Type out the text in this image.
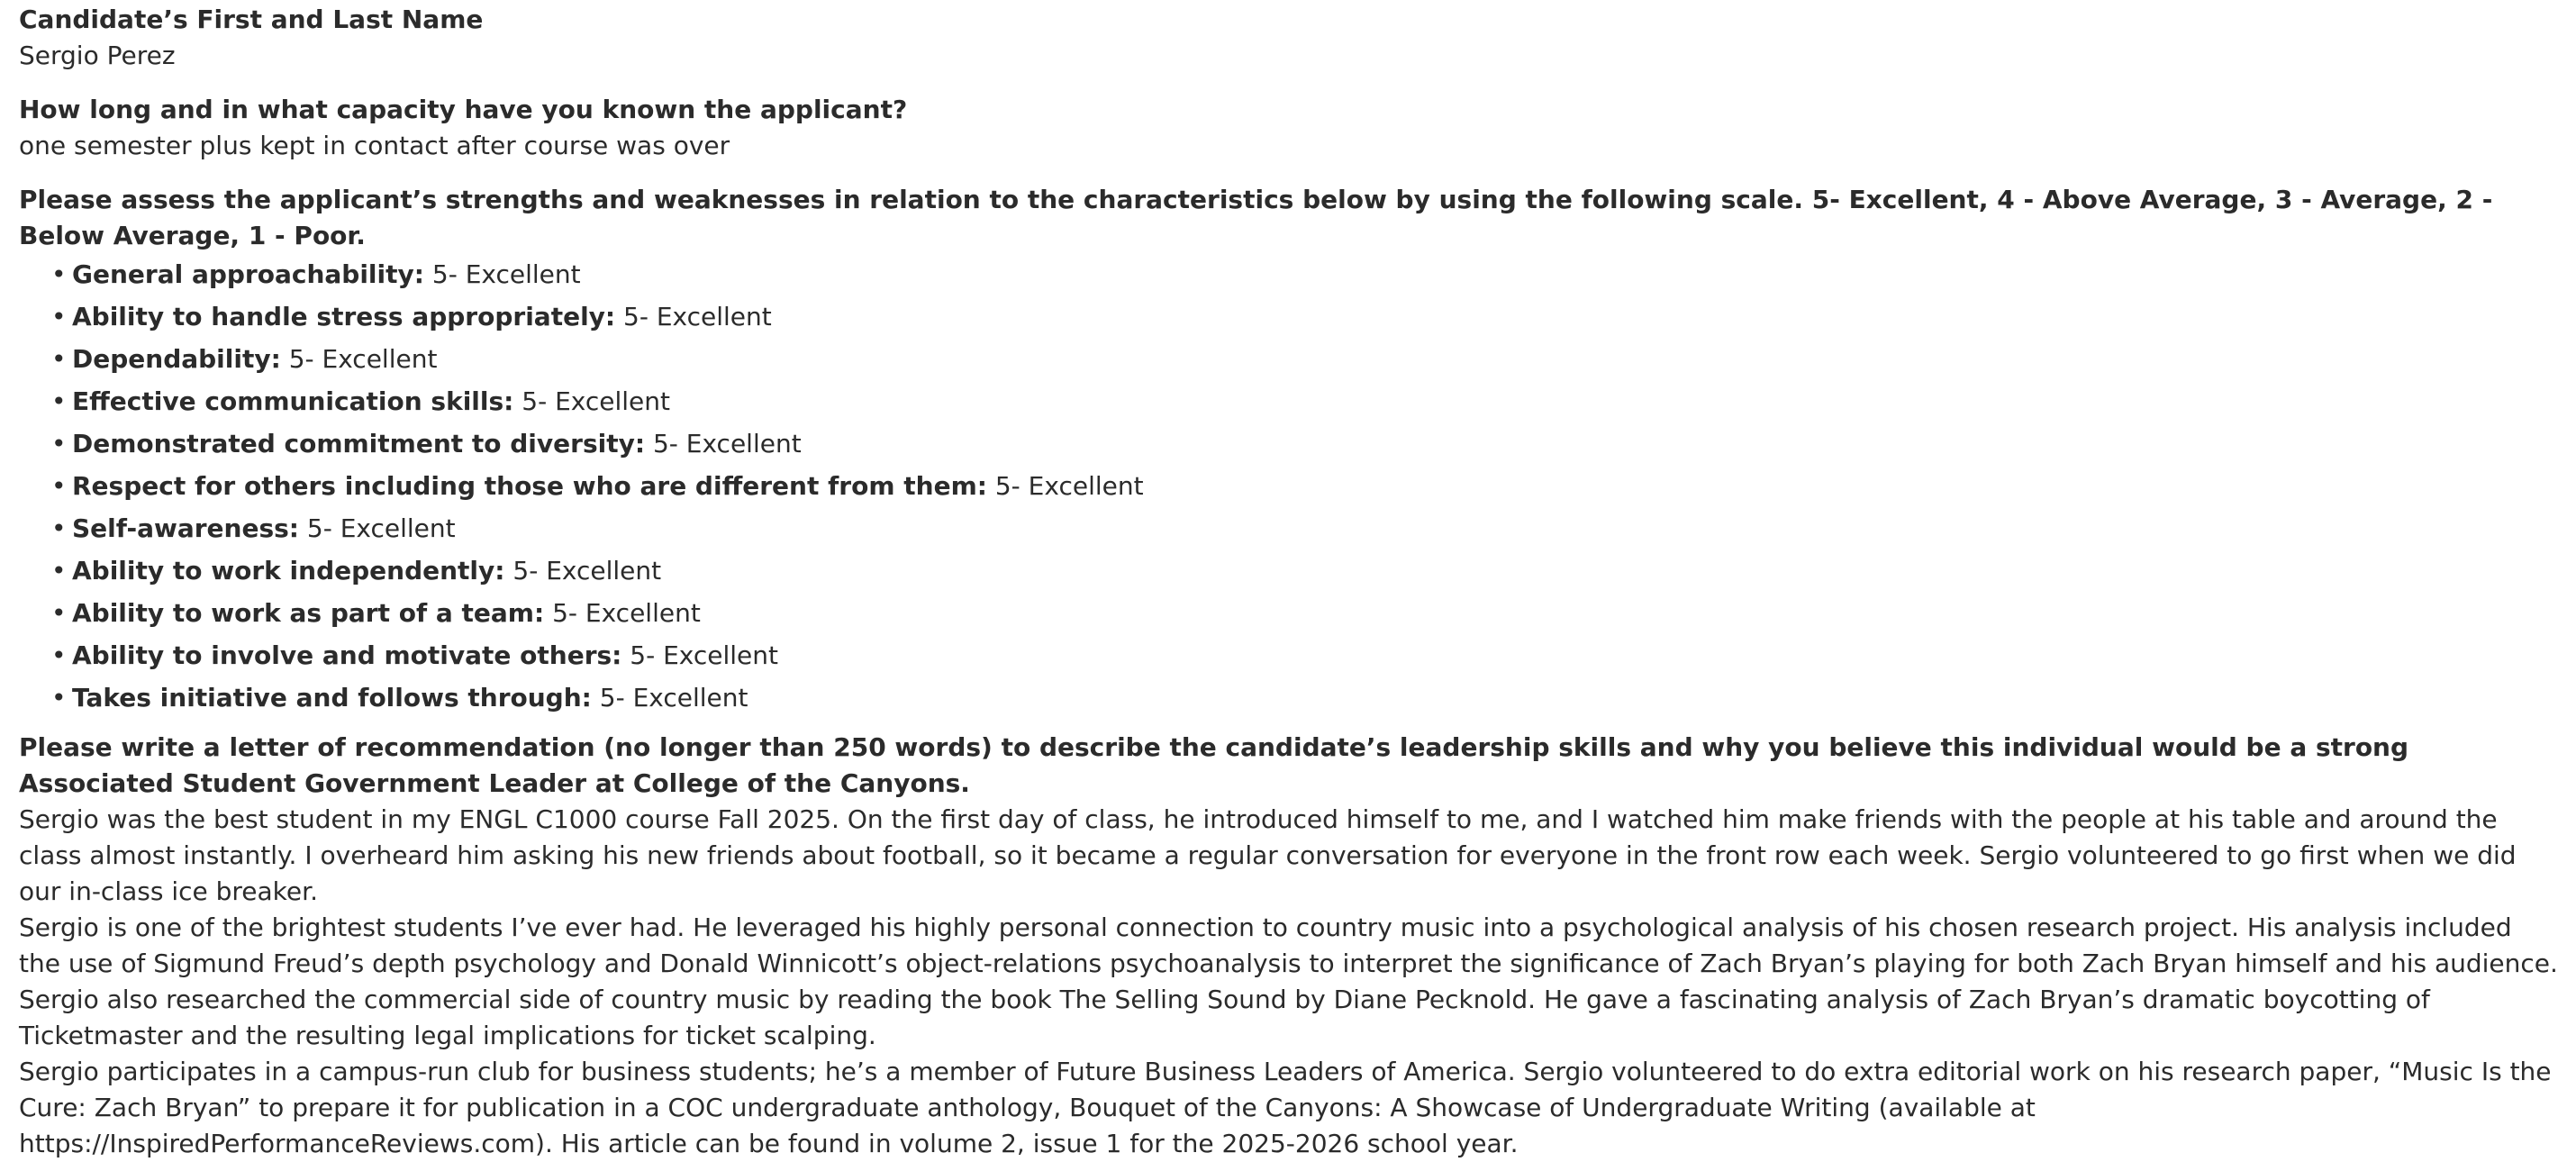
Candidate’s First and Last Name

Sergio Perez

How long and in what capacity have you known the applicant?

one semester plus kept in contact after course was over

Please assess the applicant’s strengths and weaknesses in relation to the characteristics below by using the following scale. 5- Excellent, 4 - Above Average, 3 - Average, 2 - Below Average, 1 - Poor.

• General approachability: 5- Excellent
• Ability to handle stress appropriately: 5- Excellent
• Dependability: 5- Excellent
• Effective communication skills: 5- Excellent
• Demonstrated commitment to diversity: 5- Excellent
• Respect for others including those who are different from them: 5- Excellent
• Self-awareness: 5- Excellent
• Ability to work independently: 5- Excellent
• Ability to work as part of a team: 5- Excellent
• Ability to involve and motivate others: 5- Excellent
• Takes initiative and follows through: 5- Excellent

Please write a letter of recommendation (no longer than 250 words) to describe the candidate’s leadership skills and why you believe this individual would be a strong Associated Student Government Leader at College of the Canyons.

Sergio was the best student in my ENGL C1000 course Fall 2025. On the first day of class, he introduced himself to me, and I watched him make friends with the people at his table and around the class almost instantly. I overheard him asking his new friends about football, so it became a regular conversation for everyone in the front row each week. Sergio volunteered to go first when we did our in-class ice breaker.

Sergio is one of the brightest students I’ve ever had. He leveraged his highly personal connection to country music into a psychological analysis of his chosen research project. His analysis included the use of Sigmund Freud’s depth psychology and Donald Winnicott’s object-relations psychoanalysis to interpret the significance of Zach Bryan’s playing for both Zach Bryan himself and his audience. Sergio also researched the commercial side of country music by reading the book The Selling Sound by Diane Pecknold. He gave a fascinating analysis of Zach Bryan’s dramatic boycotting of Ticketmaster and the resulting legal implications for ticket scalping.

Sergio participates in a campus-run club for business students; he’s a member of Future Business Leaders of America. Sergio volunteered to do extra editorial work on his research paper, “Music Is the Cure: Zach Bryan” to prepare it for publication in a COC undergraduate anthology, Bouquet of the Canyons: A Showcase of Undergraduate Writing (available at https://InspiredPerformanceReviews.com). His article can be found in volume 2, issue 1 for the 2025-2026 school year.
